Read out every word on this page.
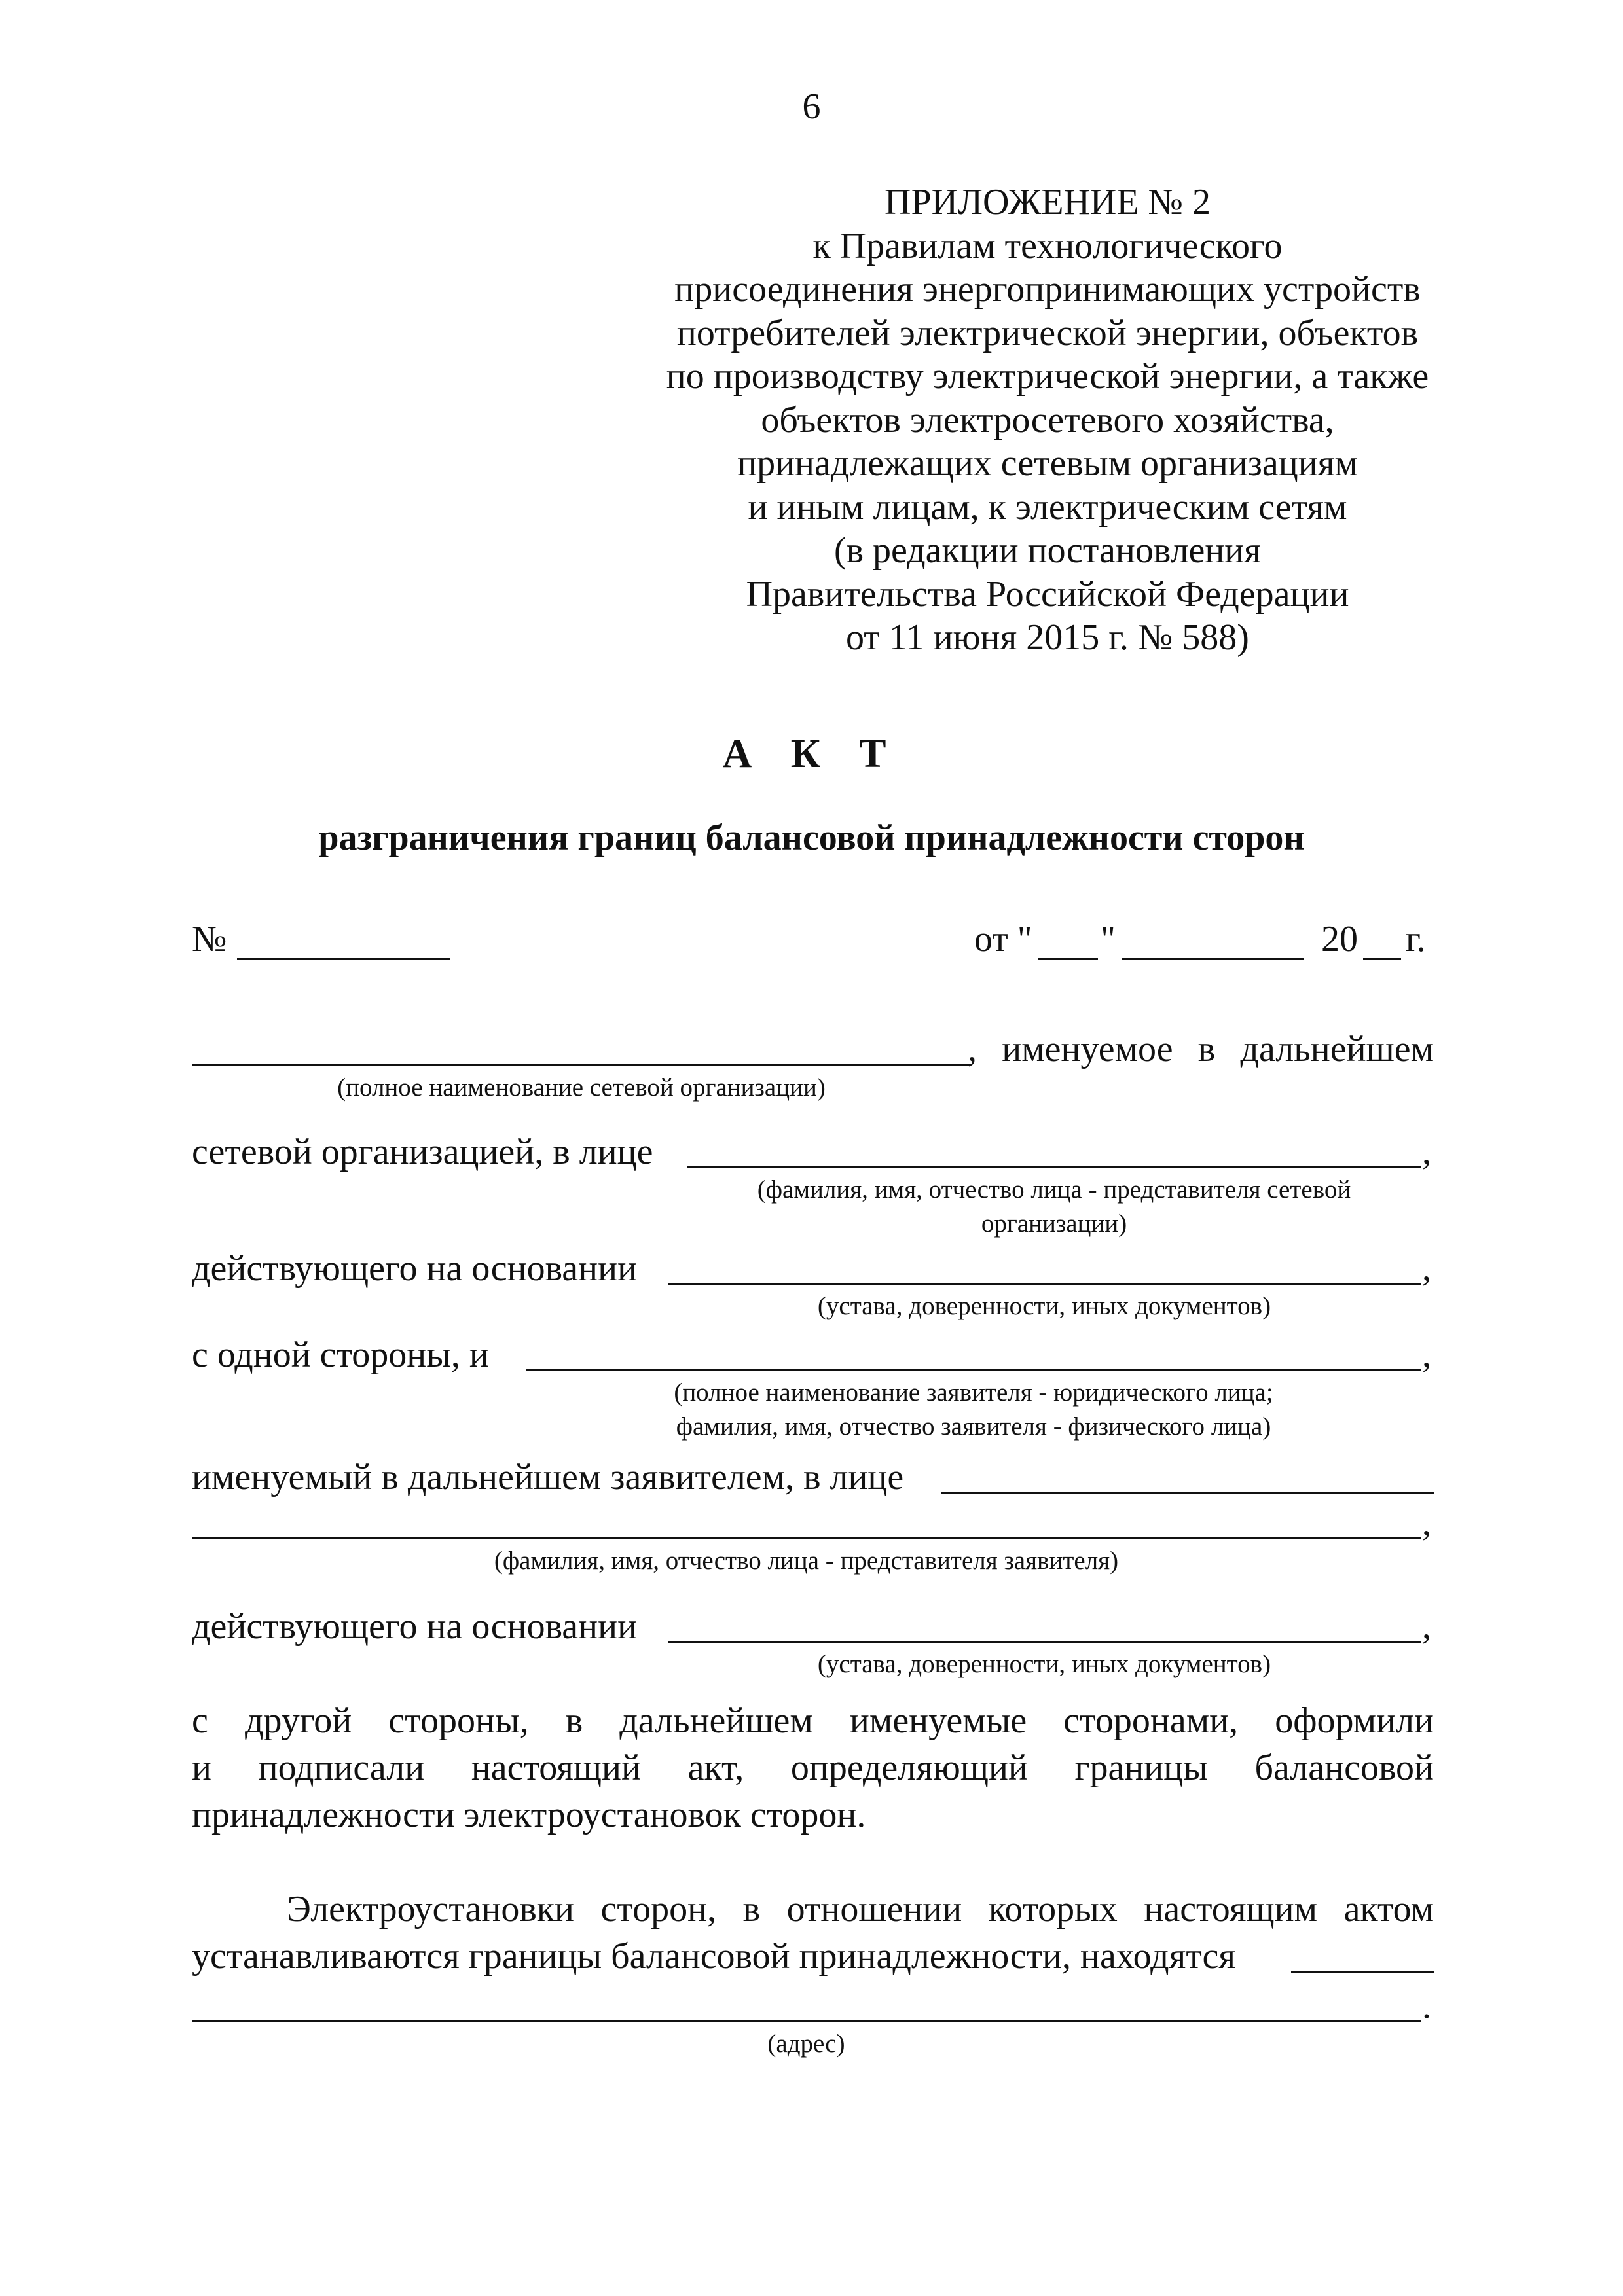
6
ПРИЛОЖЕНИЕ № 2
к Правилам технологического
присоединения энергопринимающих устройств
потребителей электрической энергии, объектов
по производству электрической энергии, а также
объектов электросетевого хозяйства,
принадлежащих сетевым организациям
и иным лицам, к электрическим сетям
(в редакции постановления
Правительства Российской Федерации
от 11 июня 2015 г. № 588)
А К Т
разграничения границ балансовой принадлежности сторон
№	от " "	20 г.
, именуемое в дальнейшем
(полное наименование сетевой организации)
сетевой организацией, в лице	,
(фамилия, имя, отчество лица - представителя сетевой
организации)
действующего на основании	,
(устава, доверенности, иных документов)
с одной стороны, и	,
(полное наименование заявителя - юридического лица;
фамилия, имя, отчество заявителя - физического лица)
именуемый в дальнейшем заявителем, в лице
,
(фамилия, имя, отчество лица - представителя заявителя)
действующего на основании	,
(устава, доверенности, иных документов)
с другой стороны, в дальнейшем именуемые сторонами, оформили
и подписали настоящий акт, определяющий границы балансовой
принадлежности электроустановок сторон.
Электроустановки сторон, в отношении которых настоящим актом
устанавливаются границы балансовой принадлежности, находятся
.
(адрес)
